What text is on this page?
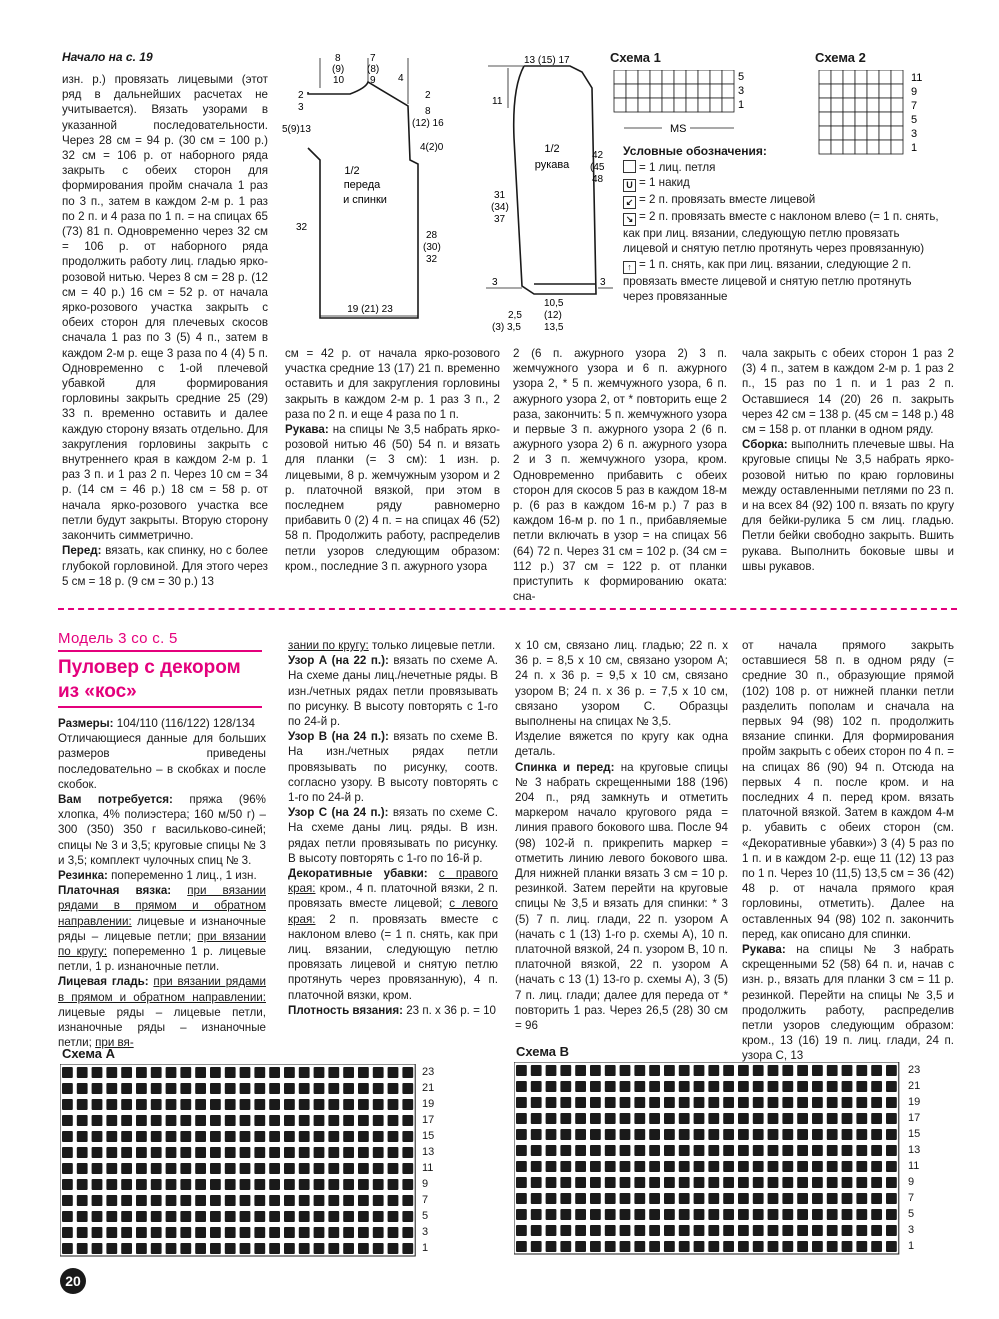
Начало на с. 19

изн. р.) провязать лицевыми (этот ряд в дальнейших расчетах не учитывается). Вязать узорами в указанной последовательности. Через 28 см = 94 р. (30 см = 100 р.) 32 см = 106 р. от наборного ряда закрыть с обеих сторон для формирования пройм сначала 1 раз по 3 п., затем в каждом 2-м р. 1 раз по 2 п. и 4 раза по 1 п. = на спицах 65 (73) 81 п. Одновременно через 32 см = 106 р. от наборного ряда продолжить работу лиц. гладью ярко-розовой нитью. Через 8 см = 28 р. (12 см = 40 р.) 16 см = 52 р. от начала ярко-розового участка закрыть с обеих сторон для плечевых скосов сначала 1 раз по 3 (5) 4 п., затем в каждом 2-м р. еще 3 раза по 4 (4) 5 п. Одновременно с 1-ой плечевой убавкой для формирования горловины закрыть средние 25 (29) 33 п. временно оставить и далее каждую сторону вязать отдельно. Для закругления горловины закрыть с внутреннего края в каждом 2-м р. 1 раз 3 п. и 1 раз 2 п. Через 10 см = 34 р. (14 см = 46 р.) 18 см = 58 р. от начала ярко-розового участка все петли будут закрыты. Вторую сторону закончить симметрично.

Перед: вязать, как спинку, но с более глубокой горловиной. Для этого через 5 см = 18 р. (9 см = 30 р.) 13

8
(9)
10
7
(8)
9 4
2
3
5(9)13
2
8
(12) 16
4(2)0
1/2
переда
и спинки
32
28
(30)
32
19 (21) 23
13 (15) 17
11
1/2
рукава
42
(45
48
31
(34)
37
3	3
2,5
10,5
(12)
13,5
(3) 3,5
Схема 1
5
3
1
MS
Схема 2
11
9
7
5
3
1
Условные обозначения:
= 1 лиц. петля
U = 1 накид
↙ = 2 п. провязать вместе лицевой
↘ = 2 п. провязать вместе с наклоном влево (= 1 п. снять, как при лиц. вязании, следующую петлю провязать лицевой и снятую петлю протянуть через провязанную)
↑ = 1 п. снять, как при лиц. вязании, следующие 2 п. провязать вместе лицевой и снятую петлю протянуть через провязанные

см = 42 р. от начала ярко-розового участка средние 13 (17) 21 п. временно оставить и для закругления горловины закрыть в каждом 2-м р. 1 раз 3 п., 2 раза по 2 п. и еще 4 раза по 1 п.

Рукава: на спицы № 3,5 набрать ярко-розовой нитью 46 (50) 54 п. и вязать для планки (= 3 см): 1 изн. р. лицевыми, 8 р. жемчужным узором и 2 р. платочной вязкой, при этом в последнем ряду равномерно прибавить 0 (2) 4 п. = на спицах 46 (52) 58 п. Продолжить работу, распределив петли узоров следующим образом: кром., последние 3 п. ажурного узора

2 (6 п. ажурного узора 2) 3 п. жемчужного узора и 6 п. ажурного узора 2, * 5 п. жемчужного узора, 6 п. ажурного узора 2, от * повторить еще 2 раза, закончить: 5 п. жемчужного узора и первые 3 п. ажурного узора 2 (6 п. ажурного узора 2) 6 п. ажурного узора 2 и 3 п. жемчужного узора, кром. Одновременно прибавить с обеих сторон для скосов 5 раз в каждом 18-м р. (6 раз в каждом 16-м р.) 7 раз в каждом 16-м р. по 1 п., прибавляемые петли включать в узор = на спицах 56 (64) 72 п. Через 31 см = 102 р. (34 см = 112 р.) 37 см = 122 р. от планки приступить к формированию оката: сна-

чала закрыть с обеих сторон 1 раз 2 (3) 4 п., затем в каждом 2-м р. 1 раз 2 п., 15 раз по 1 п. и 1 раз 2 п. Оставшиеся 14 (20) 26 п. закрыть через 42 см = 138 р. (45 см = 148 р.) 48 см = 158 р. от планки в одном ряду.

Сборка: выполнить плечевые швы. На круговые спицы № 3,5 набрать ярко-розовой нитью по краю горловины между оставленными петлями по 23 п. и на всех 84 (92) 100 п. вязать по кругу для бейки-рулика 5 см лиц. гладью. Петли бейки свободно закрыть. Вшить рукава. Выполнить боковые швы и швы рукавов.

Модель 3 со с. 5
Пуловер с декором
из «кос»

Размеры: 104/110 (116/122) 128/134

Отличающиеся данные для больших размеров приведены последовательно – в скобках и после скобок.

Вам потребуется: пряжа (96% хлопка, 4% полиэстера; 160 м/50 г) – 300 (350) 350 г васильково-синей; спицы № 3 и 3,5; круговые спицы № 3 и 3,5; комплект чулочных спиц № 3.

Резинка: попеременно 1 лиц., 1 изн.

Платочная вязка: при вязании рядами в прямом и обратном направлении: лицевые и изнаночные ряды – лицевые петли; при вязании по кругу: попеременно 1 р. лицевые петли, 1 р. изнаночные петли.

Лицевая гладь: при вязании рядами в прямом и обратном направлении: лицевые ряды – лицевые петли, изнаночные ряды – изнаночные петли; при вя-

зании по кругу: только лицевые петли.

Узор А (на 22 п.): вязать по схеме А. На схеме даны лиц./нечетные ряды. В изн./четных рядах петли провязывать по рисунку. В высоту повторять с 1-го по 24-й р.

Узор В (на 24 п.): вязать по схеме В. На изн./четных рядах петли провязывать по рисунку, соотв. согласно узору. В высоту повторять с 1-го по 24-й р.

Узор С (на 24 п.): вязать по схеме С. На схеме даны лиц. ряды. В изн. рядах петли провязывать по рисунку. В высоту повторять с 1-го по 16-й р.

Декоративные убавки: с правого края: кром., 4 п. платочной вязки, 2 п. провязать вместе лицевой; с левого края: 2 п. провязать вместе с наклоном влево (= 1 п. снять, как при лиц. вязании, следующую петлю провязать лицевой и снятую петлю протянуть через провязанную), 4 п. платочной вязки, кром.

Плотность вязания: 23 п. х 36 р. = 10

х 10 см, связано лиц. гладью; 22 п. х 36 р. = 8,5 х 10 см, связано узором А; 24 п. х 36 р. = 9,5 х 10 см, связано узором В; 24 п. х 36 р. = 7,5 х 10 см, связано узором С. Образцы выполнены на спицах № 3,5.

Изделие вяжется по кругу как одна деталь.

Спинка и перед: на круговые спицы № 3 набрать скрещенными 188 (196) 204 п., ряд замкнуть и отметить маркером начало кругового ряда = линия правого бокового шва. После 94 (98) 102-й п. прикрепить маркер = отметить линию левого бокового шва. Для нижней планки вязать 3 см = 10 р. резинкой. Затем перейти на круговые спицы № 3,5 и вязать для спинки: * 3 (5) 7 п. лиц. глади, 22 п. узором А (начать с 1 (13) 1-го р. схемы А), 10 п. платочной вязкой, 24 п. узором В, 10 п. платочной вязкой, 22 п. узором А (начать с 13 (1) 13-го р. схемы А), 3 (5) 7 п. лиц. глади; далее для переда от * повторить 1 раз. Через 26,5 (28) 30 см = 96

от начала прямого закрыть оставшиеся 58 п. в одном ряду (= средние 30 п., образующие прямой (102) 108 р. от нижней планки петли разделить пополам и сначала на первых 94 (98) 102 п. продолжить вязание спинки. Для формирования пройм закрыть с обеих сторон по 4 п. = на спицах 86 (90) 94 п. Отсюда на первых 4 п. после кром. и на последних 4 п. перед кром. вязать платочной вязкой. Затем в каждом 4-м р. убавить с обеих сторон (см. «Декоративные убавки») 3 (4) 5 раз по 1 п. и в каждом 2-р. еще 11 (12) 13 раз по 1 п. Через 10 (11,5) 13,5 см = 36 (42) 48 р. от начала прямого края горловины, отметить). Далее на оставленных 94 (98) 102 п. закончить перед, как описано для спинки.

Рукава: на спицы № 3 набрать скрещенными 52 (58) 64 п. и, начав с изн. р., вязать для планки 3 см = 11 р. резинкой. Перейти на спицы № 3,5 и продолжить работу, распределив петли узоров следующим образом: кром., 13 (16) 19 п. лиц. глади, 24 п. узора С, 13

Схема А
23
21
19
17
15
13
11
9
7
5
3
1
Схема В
23
21
19
17
15
13
11
9
7
5
3
1
20
